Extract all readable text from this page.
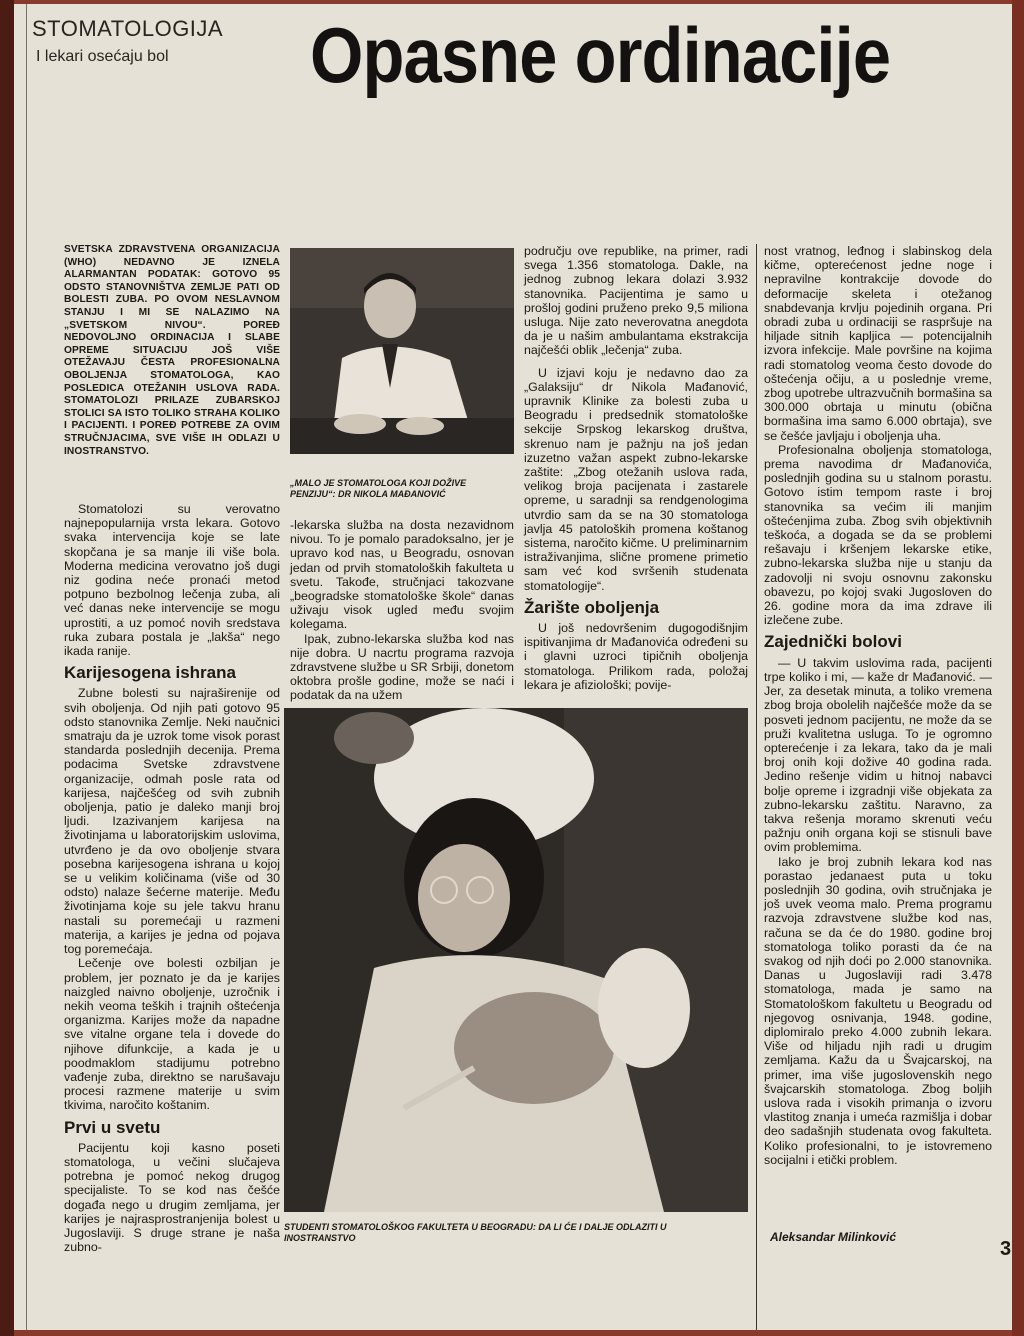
STOMATOLOGIJA
I lekari osećaju bol Opasne ordinacije
SVETSKA ZDRAVSTVENA ORGANIZACIJA (WHO) NEDAVNO JE IZNELA ALARMANTAN PODATAK: GOTOVO 95 ODSTO STANOVNIŠTVA ZEMLJE PATI OD BOLESTI ZUBA. PO OVOM NESLAVNOM STANJU I MI SE NALAZIMO NA „SVETSKOM NIVOU“. POREĐ NEDOVOLJNO ORDINACIJA I SLABE OPREME SITUACIJU JOŠ VIŠE OTEŽAVAJU ČESTA PROFESIONALNA OBOLJENJA STOMATOLOGA, KAO POSLEDICA OTEŽANIH USLOVA RADA. STOMATOLOZI PRILAZE ZUBARSKOJ STOLICI SA ISTO TOLIKO STRAHA KOLIKO I PACIJENTI. I POREĐ POTREBE ZA OVIM STRUČNJACIMA, SVE VIŠE IH ODLAZI U INOSTRANSTVO.
„MALO JE STOMATOLOGA KOJI DOŽIVE PENZIJU“: DR NIKOLA MAĐANOVIĆ

Stomatolozi su verovatno najnepopularnija vrsta lekara. Gotovo svaka intervencija koje se late skopčana je sa manje ili više bola. Moderna medicina verovatno još dugi niz godina neće pronaći metod potpuno bezbolnog lečenja zuba, ali već danas neke intervencije se mogu uprostiti, a uz pomoć novih sredstava ruka zubara postala je „lakša“ nego ikada ranije.

Karijesogena ishrana

Zubne bolesti su najraširenije od svih oboljenja. Od njih pati gotovo 95 odsto stanovnika Zemlje. Neki naučnici smatraju da je uzrok tome visok porast standarda poslednjih decenija. Prema podacima Svetske zdravstvene organizacije, odmah posle rata od karijesa, najčešćeg od svih zubnih oboljenja, patio je daleko manji broj ljudi. Izazivanjem karijesa na životinjama u laboratorijskim uslovima, utvrđeno je da ovo oboljenje stvara posebna karijesogena ishrana u kojoj se u velikim količinama (više od 30 odsto) nalaze šećerne materije. Među životinjama koje su jele takvu hranu nastali su poremećaji u razmeni materija, a karijes je jedna od pojava tog poremećaja.

Lečenje ove bolesti ozbiljan je problem, jer poznato je da je karijes naizgled naivno oboljenje, uzročnik i nekih veoma teških i trajnih oštećenja organizma. Karijes može da napadne sve vitalne organe tela i dovede do njihove difunkcije, a kada je u poodmaklom stadijumu potrebno vađenje zuba, direktno se narušavaju procesi razmene materije u svim tkivima, naročito koštanim.

Prvi u svetu

Pacijentu koji kasno poseti stomatologa, u večini slučajeva potrebna je pomoć nekog drugog specijaliste. To se kod nas češće događa nego u drugim zemljama, jer karijes je najrasprostranjenija bolest u Jugoslaviji. S druge strane je naša zubno-

-lekarska služba na dosta nezavidnom nivou. To je pomalo paradoksalno, jer je upravo kod nas, u Beogradu, osnovan jedan od prvih stomatoloških fakulteta u svetu. Takođe, stručnjaci takozvane „beogradske stomatološke škole“ danas uživaju visok ugled među svojim kolegama.

Ipak, zubno-lekarska služba kod nas nije dobra. U nacrtu programa razvoja zdravstvene službe u SR Srbiji, donetom oktobra prošle godine, može se naći i podatak da na užem

području ove republike, na primer, radi svega 1.356 stomatologa. Dakle, na jednog zubnog lekara dolazi 3.932 stanovnika. Pacijentima je samo u prošloj godini pruženo preko 9,5 miliona usluga. Nije zato neverovatna anegdota da je u našim ambulantama ekstrakcija najčešći oblik „lečenja“ zuba.

U izjavi koju je nedavno dao za „Galaksiju“ dr Nikola Mađanović, upravnik Klinike za bolesti zuba u Beogradu i predsednik stomatološke sekcije Srpskog lekarskog društva, skrenuo nam je pažnju na još jedan izuzetno važan aspekt zubno-lekarske zaštite: „Zbog otežanih uslova rada, velikog broja pacijenata i zastarele opreme, u saradnji sa rendgenologima utvrdio sam da se na 30 stomatologa javlja 45 patoloških promena koštanog sistema, naročito kičme. U preliminarnim istraživanjima, slične promene primetio sam već kod svršenih studenata stomatologije“.

Žarište oboljenja

U još nedovršenim dugogodišnjim ispitivanjima dr Mađanovića određeni su i glavni uzroci tipičnih oboljenja stomatologa. Prilikom rada, položaj lekara je afiziološki; povije-

nost vratnog, leđnog i slabinskog dela kičme, opterećenost jedne noge i nepravilne kontrakcije dovode do deformacije skeleta i otežanog snabdevanja krvlju pojedinih organa. Pri obradi zuba u ordinaciji se raspršuje na hiljade sitnih kapljica — potencijalnih izvora infekcije. Male površine na kojima radi stomatolog veoma često dovode do oštećenja očiju, a u poslednje vreme, zbog upotrebe ultrazvučnih bormašina sa 300.000 obrtaja u minutu (obična bormašina ima samo 6.000 obrtaja), sve se češće javljaju i oboljenja uha.

Profesionalna oboljenja stomatologa, prema navodima dr Mađanovića, poslednjih godina su u stalnom porastu. Gotovo istim tempom raste i broj stanovnika sa većim ili manjim oštećenjima zuba. Zbog svih objektivnih teškoća, a dogada se da se problemi rešavaju i kršenjem lekarske etike, zubno-lekarska služba nije u stanju da zadovolji ni svoju osnovnu zakonsku obavezu, po kojoj svaki Jugosloven do 26. godine mora da ima zdrave ili izlečene zube.

Zajednički bolovi

— U takvim uslovima rada, pacijenti trpe koliko i mi, — kaže dr Mađanović. — Jer, za desetak minuta, a toliko vremena zbog broja obolelih najčešće može da se posveti jednom pacijentu, ne može da se pruži kvalitetna usluga. To je ogromno opterećenje i za lekara, tako da je mali broj onih koji doživе 40 godina rada. Jedino rešenje vidim u hitnoj nabavci bolje opreme i izgradnji više objekata za zubno-lekarsku zaštitu. Naravno, za takva rešenja moramo skrenuti veću pažnju onih organa koji se stisnuli bave ovim problemima.

Iako je broj zubnih lekara kod nas porastao jedanaest puta u toku poslednjih 30 godina, ovih stručnjaka je još uvek veoma malo. Prema programu razvoja zdravstvene službe kod nas, računa se da će do 1980. godine broj stomatologa toliko porasti da će na svakog od njih doći po 2.000 stanovnika. Danas u Jugoslaviji radi 3.478 stomatologa, mada je samo na Stomatološkom fakultetu u Beogradu od njegovog osnivanja, 1948. godine, diplomiralo preko 4.000 zubnih lekara. Više od hiljadu njih radi u drugim zemljama. Kažu da u Švajcarskoj, na primer, ima više jugoslovenskih nego švajcarskih stomatologa. Zbog boljih uslova rada i visokih primanja o izvoru vlastitog znanja i umeća razmišlja i dobar deo sadašnjih studenata ovog fakulteta. Koliko profesionalni, to je istovremeno socijalni i etički problem.

STUDENTI STOMATOLOŠKOG FAKULTETA U BEOGRADU: DA LI ĆE I DALJE ODLAZITI U INOSTRANSTVO	Aleksandar Milinković
3
